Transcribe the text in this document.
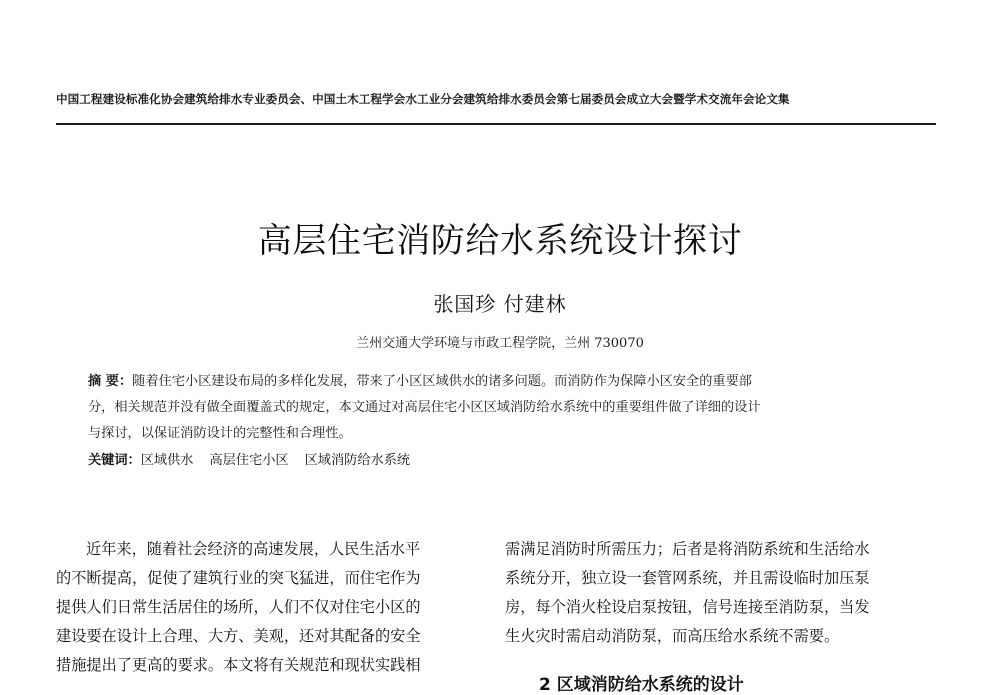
中国工程建设标准化协会建筑给排水专业委员会、中国土木工程学会水工业分会建筑给排水委员会第七届委员会成立大会暨学术交流年会论文集
高层住宅消防给水系统设计探讨
张国珍 付建林
兰州交通大学环境与市政工程学院，兰州 730070
摘 要：随着住宅小区建设布局的多样化发展，带来了小区区域供水的诸多问题。而消防作为保障小区安全的重要部
分，相关规范并没有做全面覆盖式的规定，本文通过对高层住宅小区区域消防给水系统中的重要组件做了详细的设计
与探讨，以保证消防设计的完整性和合理性。
关键词：区域供水 高层住宅小区 区域消防给水系统
近年来，随着社会经济的高速发展，人民生活水平
的不断提高，促使了建筑行业的突飞猛进，而住宅作为
提供人们日常生活居住的场所，人们不仅对住宅小区的
建设要在设计上合理、大方、美观，还对其配备的安全
措施提出了更高的要求。本文将有关规范和现状实践相
需满足消防时所需压力；后者是将消防系统和生活给水
系统分开，独立设一套管网系统，并且需设临时加压泵
房，每个消火栓设启泵按钮，信号连接至消防泵，当发
生火灾时需启动消防泵，而高压给水系统不需要。
2 区域消防给水系统的设计
